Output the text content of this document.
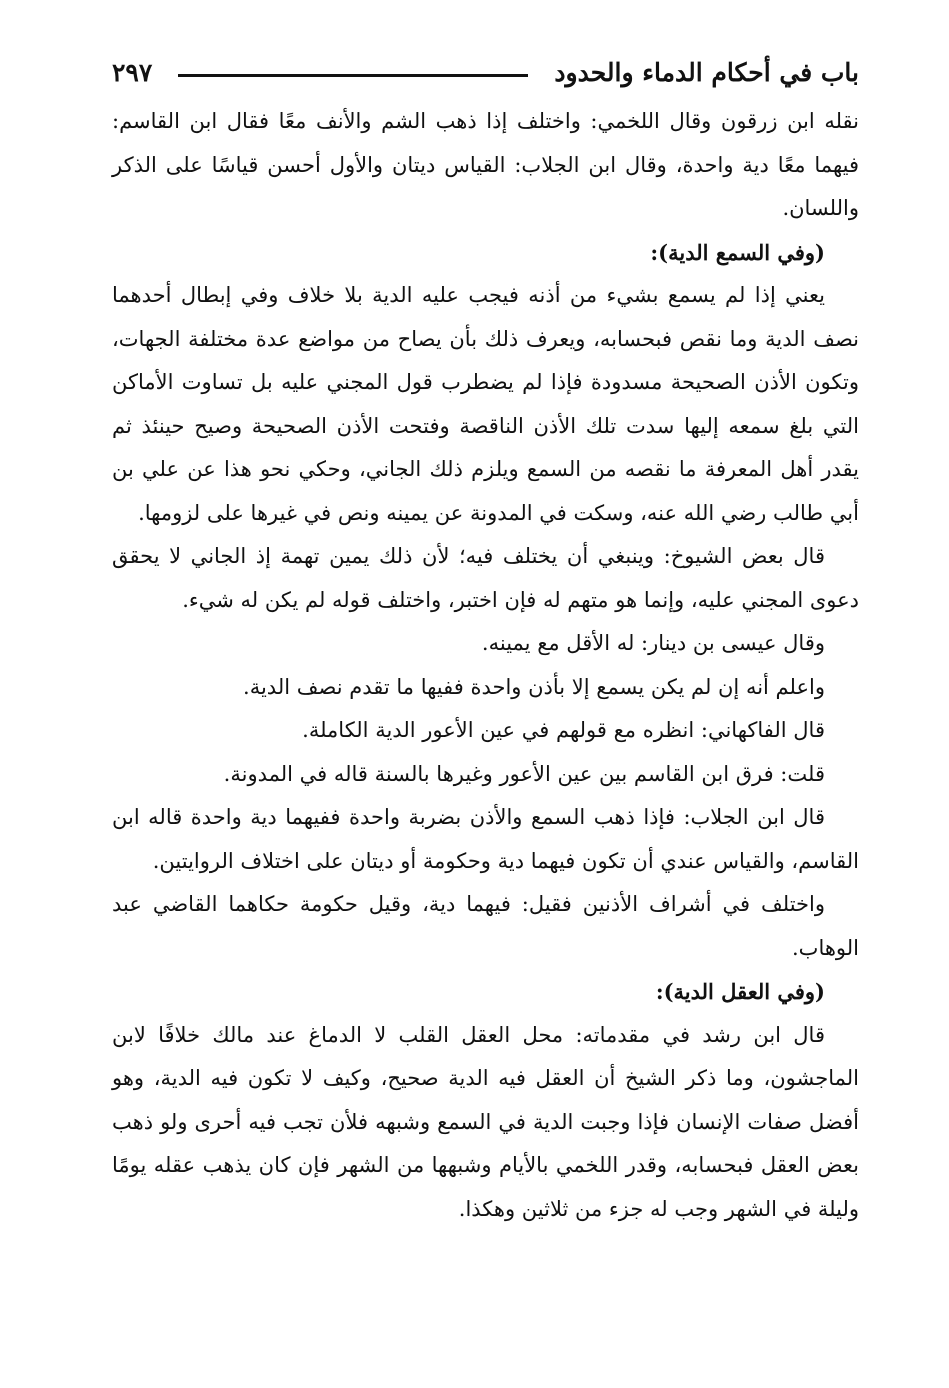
باب في أحكام الدماء والحدود
٢٩٧

نقله ابن زرقون وقال اللخمي: واختلف إذا ذهب الشم والأنف معًا فقال ابن القاسم: فيهما معًا دية واحدة، وقال ابن الجلاب: القياس ديتان والأول أحسن قياسًا على الذكر واللسان.

(وفي السمع الدية):

يعني إذا لم يسمع بشيء من أذنه فيجب عليه الدية بلا خلاف وفي إبطال أحدهما نصف الدية وما نقص فبحسابه، ويعرف ذلك بأن يصاح من مواضع عدة مختلفة الجهات، وتكون الأذن الصحيحة مسدودة فإذا لم يضطرب قول المجني عليه بل تساوت الأماكن التي بلغ سمعه إليها سدت تلك الأذن الناقصة وفتحت الأذن الصحيحة وصيح حينئذ ثم يقدر أهل المعرفة ما نقصه من السمع ويلزم ذلك الجاني، وحكي نحو هذا عن علي بن أبي طالب رضي الله عنه، وسكت في المدونة عن يمينه ونص في غيرها على لزومها.

قال بعض الشيوخ: وينبغي أن يختلف فيه؛ لأن ذلك يمين تهمة إذ الجاني لا يحقق دعوى المجني عليه، وإنما هو متهم له فإن اختبر، واختلف قوله لم يكن له شيء.

وقال عيسى بن دينار: له الأقل مع يمينه.

واعلم أنه إن لم يكن يسمع إلا بأذن واحدة ففيها ما تقدم نصف الدية.

قال الفاكهاني: انظره مع قولهم في عين الأعور الدية الكاملة.

قلت: فرق ابن القاسم بين عين الأعور وغيرها بالسنة قاله في المدونة.

قال ابن الجلاب: فإذا ذهب السمع والأذن بضربة واحدة ففيهما دية واحدة قاله ابن القاسم، والقياس عندي أن تكون فيهما دية وحكومة أو ديتان على اختلاف الروايتين.

واختلف في أشراف الأذنين فقيل: فيهما دية، وقيل حكومة حكاهما القاضي عبد الوهاب.

(وفي العقل الدية):

قال ابن رشد في مقدماته: محل العقل القلب لا الدماغ عند مالك خلافًا لابن الماجشون، وما ذكر الشيخ أن العقل فيه الدية صحيح، وكيف لا تكون فيه الدية، وهو أفضل صفات الإنسان فإذا وجبت الدية في السمع وشبهه فلأن تجب فيه أحرى ولو ذهب بعض العقل فبحسابه، وقدر اللخمي بالأيام وشبهها من الشهر فإن كان يذهب عقله يومًا وليلة في الشهر وجب له جزء من ثلاثين وهكذا.
